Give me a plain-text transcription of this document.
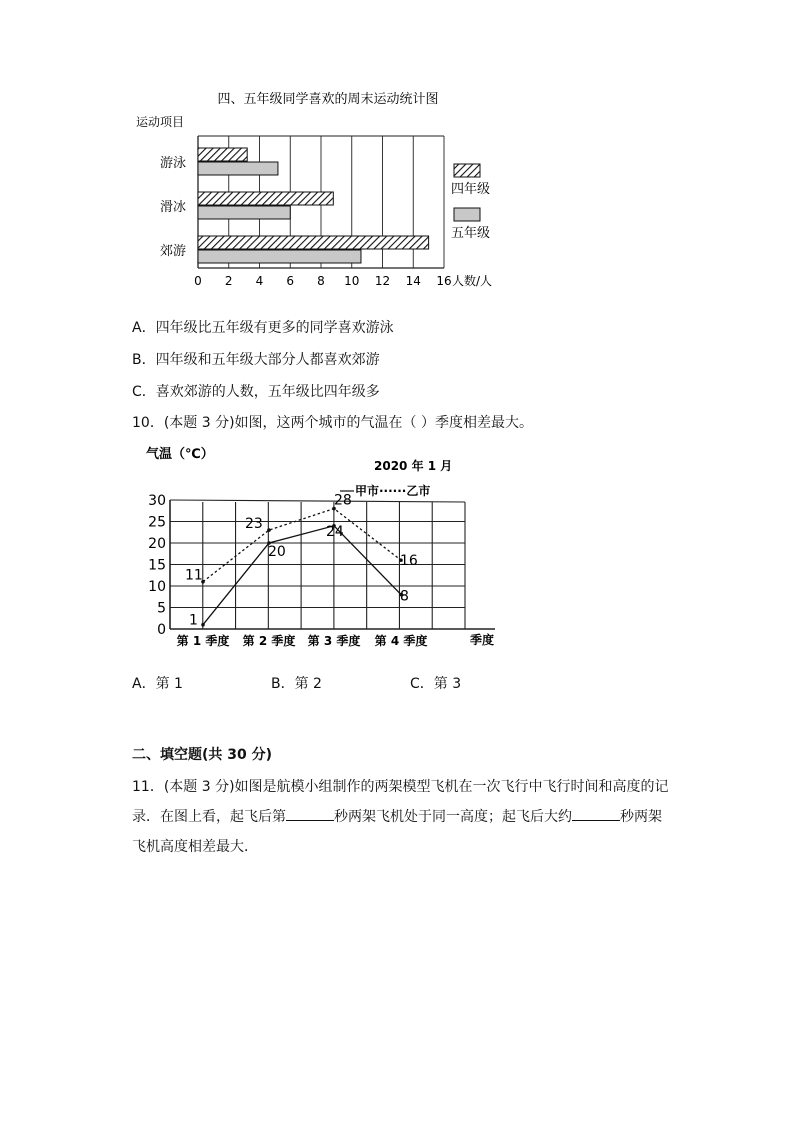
四、五年级同学喜欢的周末运动统计图
运动项目
人数/人
游泳
滑冰
郊游
0 2 4 6 8 10 12 14 16
四年级
五年级
A．四年级比五年级有更多的同学喜欢游泳
B．四年级和五年级大部分人都喜欢郊游
C．喜欢郊游的人数，五年级比四年级多
10．(本题 3 分)如图，这两个城市的气温在（ ）季度相差最大。
气温（℃）
2020 年 1 月
甲市······乙市
季度
1
20
24
8
11
23
28
16
0
5
10
15
20
25
30
第 1 季度 第 2 季度 第 3 季度 第 4 季度
A．第 1	B．第 2	C．第 3
二、填空题(共 30 分)
11．(本题 3 分)如图是航模小组制作的两架模型飞机在一次飞行中飞行时间和高度的记
录．在图上看，起飞后第	秒两架飞机处于同一高度；起飞后大约	秒两架
飞机高度相差最大．
